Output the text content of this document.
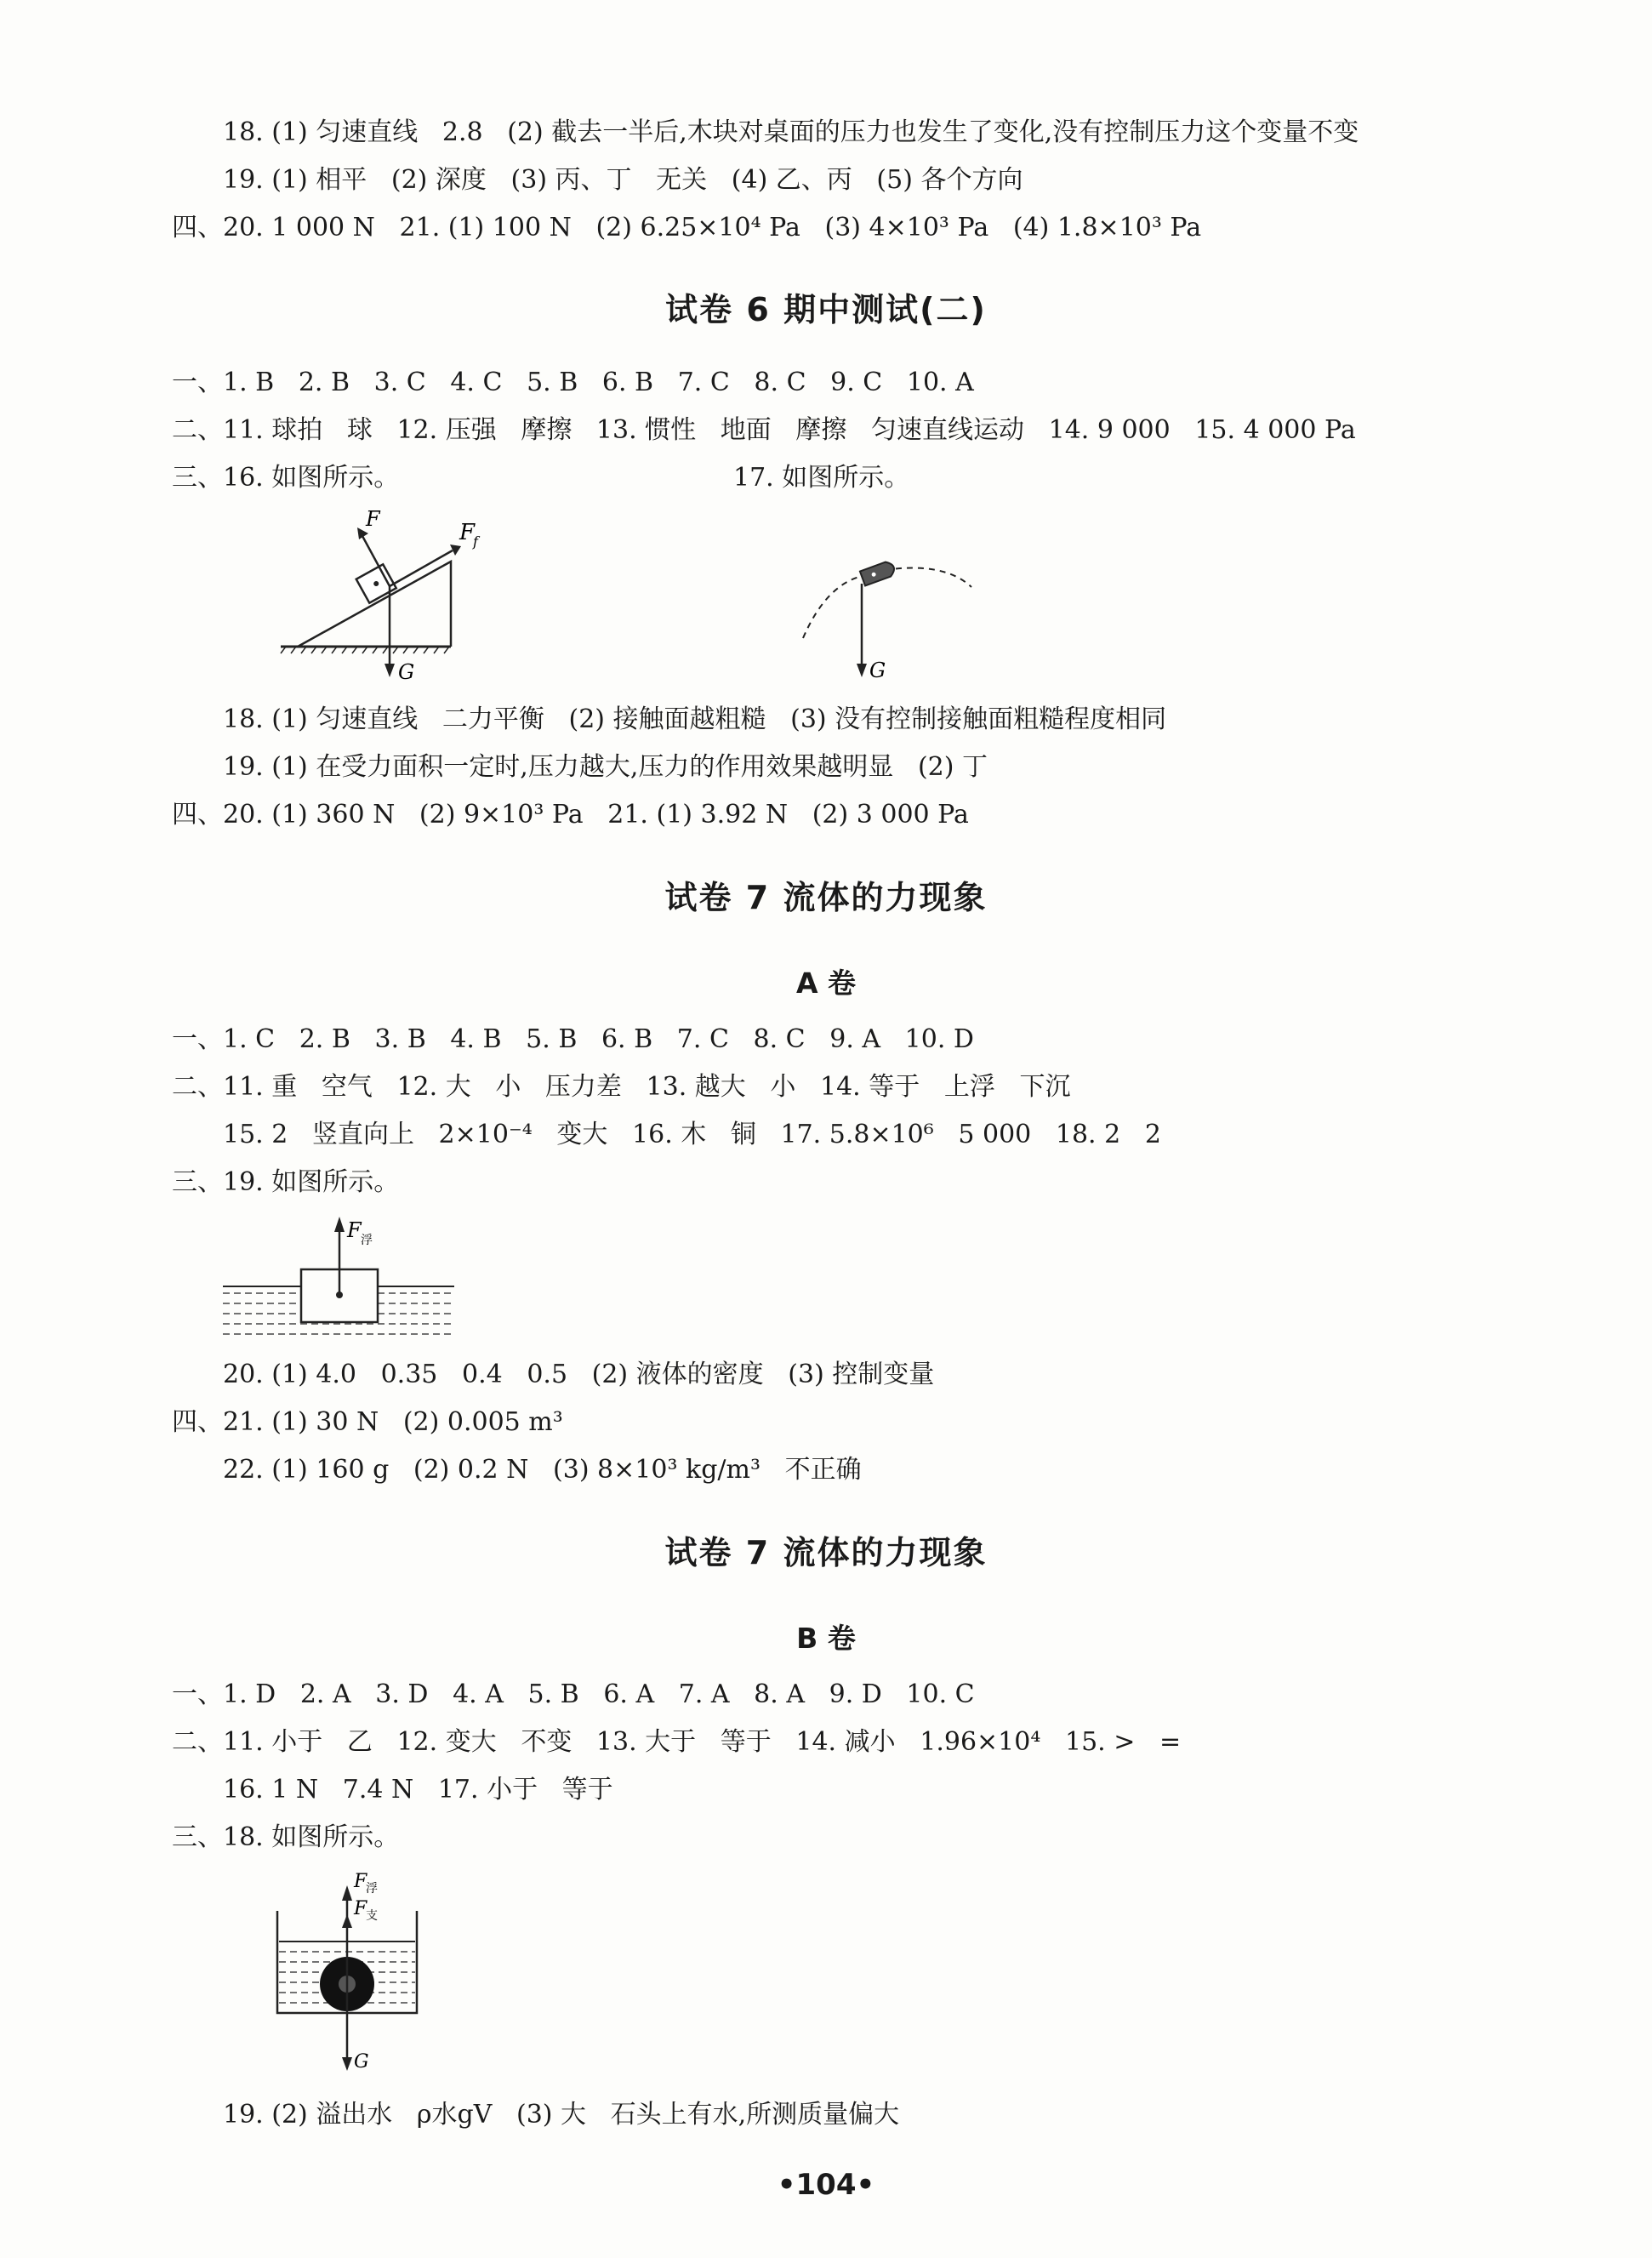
18. (1) 匀速直线   2.8   (2) 截去一半后,木块对桌面的压力也发生了变化,没有控制压力这个变量不变
19. (1) 相平   (2) 深度   (3) 丙、丁   无关   (4) 乙、丙   (5) 各个方向
四、20. 1 000 N   21. (1) 100 N   (2) 6.25×10⁴ Pa   (3) 4×10³ Pa   (4) 1.8×10³ Pa
试卷 6 期中测试(二)
一、1. B   2. B   3. C   4. C   5. B   6. B   7. C   8. C   9. C   10. A
二、11. 球拍   球   12. 压强   摩擦   13. 惯性   地面   摩擦   匀速直线运动   14. 9 000   15. 4 000 Pa
三、16. 如图所示。	17. 如图所示。
F
F
f
G	G
18. (1) 匀速直线   二力平衡   (2) 接触面越粗糙   (3) 没有控制接触面粗糙程度相同
19. (1) 在受力面积一定时,压力越大,压力的作用效果越明显   (2) 丁
四、20. (1) 360 N   (2) 9×10³ Pa   21. (1) 3.92 N   (2) 3 000 Pa
试卷 7 流体的力现象
A 卷
一、1. C   2. B   3. B   4. B   5. B   6. B   7. C   8. C   9. A   10. D
二、11. 重   空气   12. 大   小   压力差   13. 越大   小   14. 等于   上浮   下沉
15. 2   竖直向上   2×10⁻⁴   变大   16. 木   铜   17. 5.8×10⁶   5 000   18. 2   2
三、19. 如图所示。
F 浮
20. (1) 4.0   0.35   0.4   0.5   (2) 液体的密度   (3) 控制变量
四、21. (1) 30 N   (2) 0.005 m³
22. (1) 160 g   (2) 0.2 N   (3) 8×10³ kg/m³   不正确
试卷 7 流体的力现象
B 卷
一、1. D   2. A   3. D   4. A   5. B   6. A   7. A   8. A   9. D   10. C
二、11. 小于   乙   12. 变大   不变   13. 大于   等于   14. 减小   1.96×10⁴   15. >   =
16. 1 N   7.4 N   17. 小于   等于
三、18. 如图所示。
F
浮
F
支
G
19. (2) 溢出水   ρ水gV   (3) 大   石头上有水,所测质量偏大
•104•
